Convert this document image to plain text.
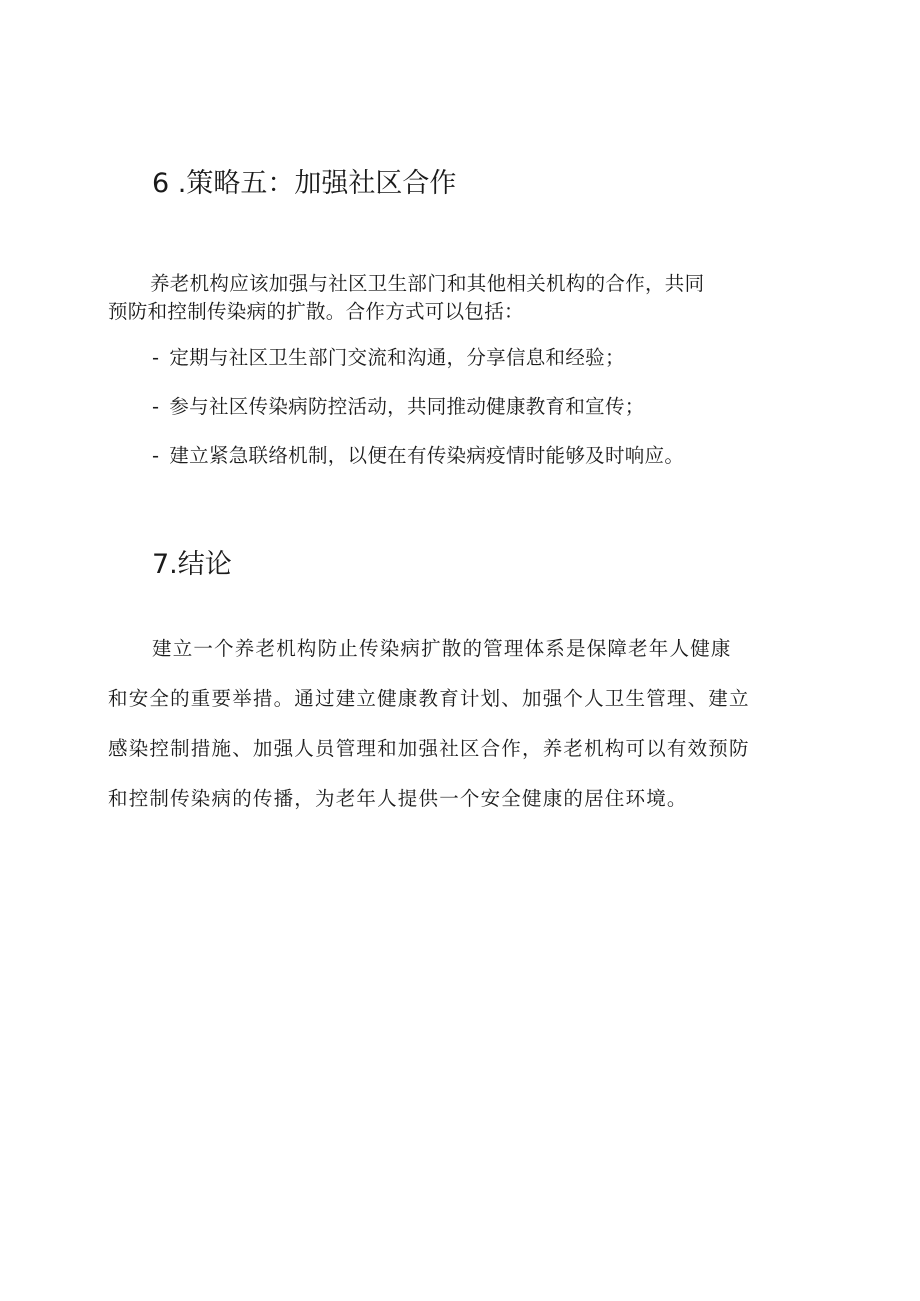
6 .策略五：加强社区合作

养老机构应该加强与社区卫生部门和其他相关机构的合作，共同
预防和控制传染病的扩散。合作方式可以包括：

- 定期与社区卫生部门交流和沟通，分享信息和经验；

- 参与社区传染病防控活动，共同推动健康教育和宣传；

- 建立紧急联络机制，以便在有传染病疫情时能够及时响应。

7.结论

建立一个养老机构防止传染病扩散的管理体系是保障老年人健康
和安全的重要举措。通过建立健康教育计划、加强个人卫生管理、建立
感染控制措施、加强人员管理和加强社区合作，养老机构可以有效预防
和控制传染病的传播，为老年人提供一个安全健康的居住环境。
